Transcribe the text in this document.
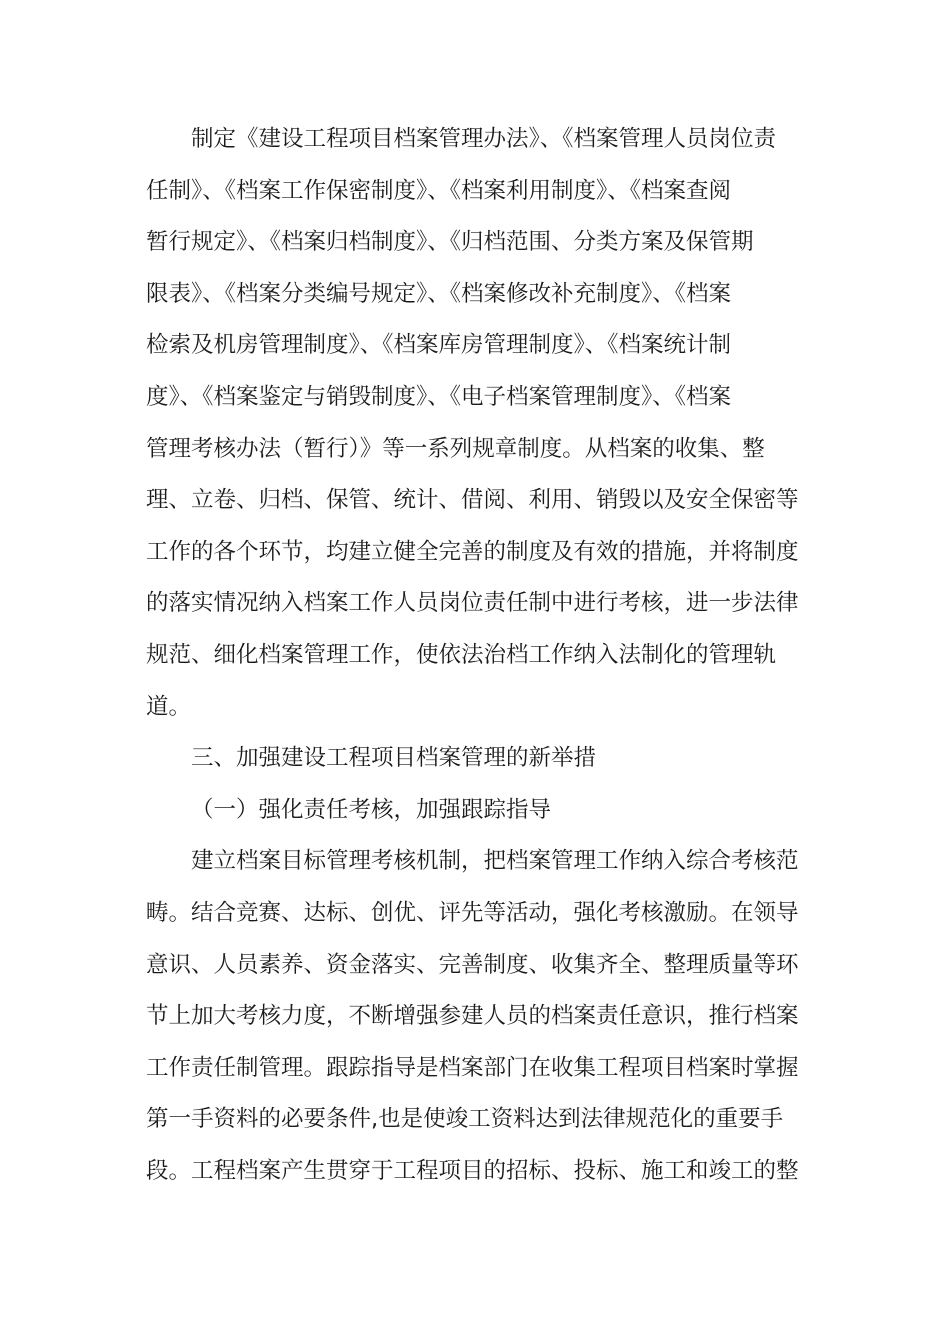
制定《建设工程项目档案管理办法》、《档案管理人员岗位责
任制》、《档案工作保密制度》、《档案利用制度》、《档案查阅
暂行规定》、《档案归档制度》、《归档范围、分类方案及保管期
限表》、《档案分类编号规定》、《档案修改补充制度》、《档案
检索及机房管理制度》、《档案库房管理制度》、《档案统计制
度》、《档案鉴定与销毁制度》、《电子档案管理制度》、《档案
管理考核办法（暂行）》等一系列规章制度。从档案的收集、整
理、立卷、归档、保管、统计、借阅、利用、销毁以及安全保密等
工作的各个环节，均建立健全完善的制度及有效的措施，并将制度
的落实情况纳入档案工作人员岗位责任制中进行考核，进一步法律
规范、细化档案管理工作，使依法治档工作纳入法制化的管理轨
道。
三、加强建设工程项目档案管理的新举措
（一）强化责任考核，加强跟踪指导
建立档案目标管理考核机制，把档案管理工作纳入综合考核范
畴。结合竞赛、达标、创优、评先等活动，强化考核激励。在领导
意识、人员素养、资金落实、完善制度、收集齐全、整理质量等环
节上加大考核力度，不断增强参建人员的档案责任意识，推行档案
工作责任制管理。跟踪指导是档案部门在收集工程项目档案时掌握
第一手资料的必要条件,也是使竣工资料达到法律规范化的重要手
段。工程档案产生贯穿于工程项目的招标、投标、施工和竣工的整
